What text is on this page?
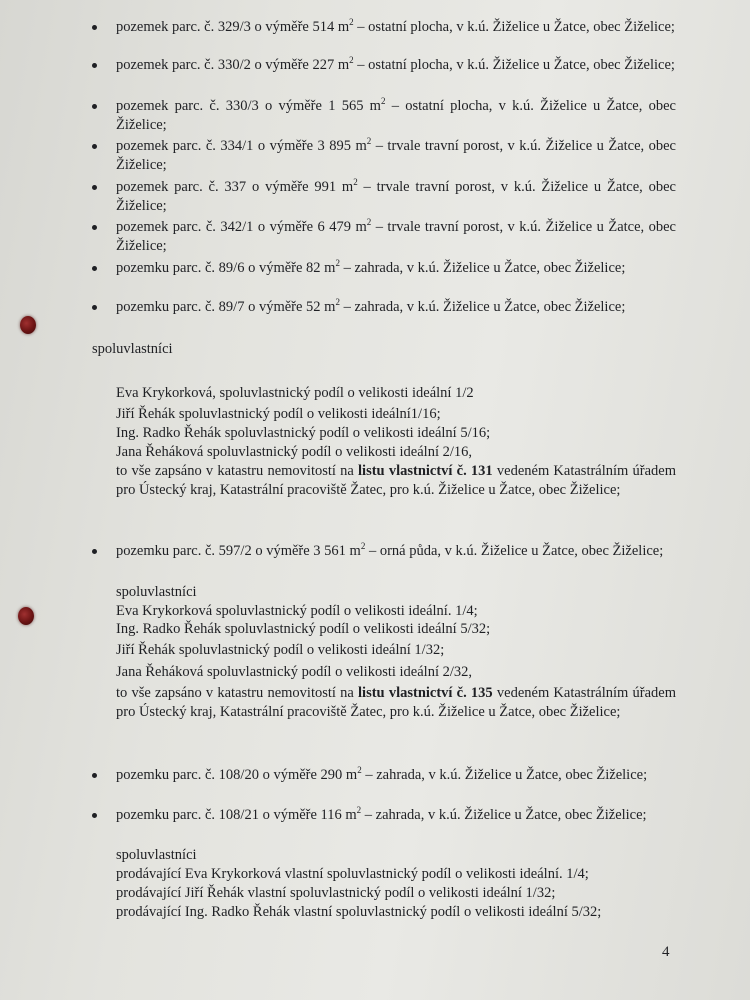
pozemek parc. č. 329/3 o výměře 514 $m^2$ – ostatní plocha, v k.ú. Žiželice u Žatce, obec Žiželice;
pozemek parc. č. 330/2 o výměře 227 $m^2$ – ostatní plocha, v k.ú. Žiželice u Žatce, obec Žiželice;
pozemek parc. č. 330/3 o výměře 1 565 $m^2$ – ostatní plocha, v k.ú. Žiželice u Žatce, obec Žiželice;
pozemek parc. č. 334/1 o výměře 3 895 $m^2$ – trvale travní porost, v k.ú. Žiželice u Žatce, obec Žiželice;
pozemek parc. č. 337 o výměře 991 $m^2$ – trvale travní porost, v k.ú. Žiželice u Žatce, obec Žiželice;
pozemek parc. č. 342/1 o výměře 6 479 $m^2$ – trvale travní porost, v k.ú. Žiželice u Žatce, obec Žiželice;
pozemku parc. č. 89/6 o výměře 82 $m^2$ – zahrada, v k.ú. Žiželice u Žatce, obec Žiželice;
pozemku parc. č. 89/7 o výměře 52 $m^2$ – zahrada, v k.ú. Žiželice u Žatce, obec Žiželice;
spoluvlastníci
Eva Krykorková, spoluvlastnický podíl o velikosti ideální 1/2
Jiří Řehák spoluvlastnický podíl o velikosti ideální1/16;
Ing. Radko Řehák spoluvlastnický podíl o velikosti ideální 5/16;
Jana Řeháková spoluvlastnický podíl o velikosti ideální 2/16,
to vše zapsáno v katastru nemovitostí na listu vlastnictví č. 131 vedeném Katastrálním úřadem pro Ústecký kraj, Katastrální pracoviště Žatec, pro k.ú. Žiželice u Žatce, obec Žiželice;
pozemku parc. č. 597/2 o výměře 3 561 $m^2$ – orná půda, v k.ú. Žiželice u Žatce, obec Žiželice;
spoluvlastníci
Eva Krykorková spoluvlastnický podíl o velikosti ideální. 1/4;
Ing. Radko Řehák spoluvlastnický podíl o velikosti ideální 5/32;
Jiří Řehák spoluvlastnický podíl o velikosti ideální 1/32;
Jana Řeháková spoluvlastnický podíl o velikosti ideální 2/32,
to vše zapsáno v katastru nemovitostí na listu vlastnictví č. 135 vedeném Katastrálním úřadem pro Ústecký kraj, Katastrální pracoviště Žatec, pro k.ú. Žiželice u Žatce, obec Žiželice;
pozemku parc. č. 108/20 o výměře 290 $m^2$ – zahrada, v k.ú. Žiželice u Žatce, obec Žiželice;
pozemku parc. č. 108/21 o výměře 116 $m^2$ – zahrada, v k.ú. Žiželice u Žatce, obec Žiželice;
spoluvlastníci
prodávající Eva Krykorková vlastní spoluvlastnický podíl o velikosti ideální. 1/4;
prodávající Jiří Řehák vlastní spoluvlastnický podíl o velikosti ideální 1/32;
prodávající Ing. Radko Řehák vlastní spoluvlastnický podíl o velikosti ideální 5/32;
4
